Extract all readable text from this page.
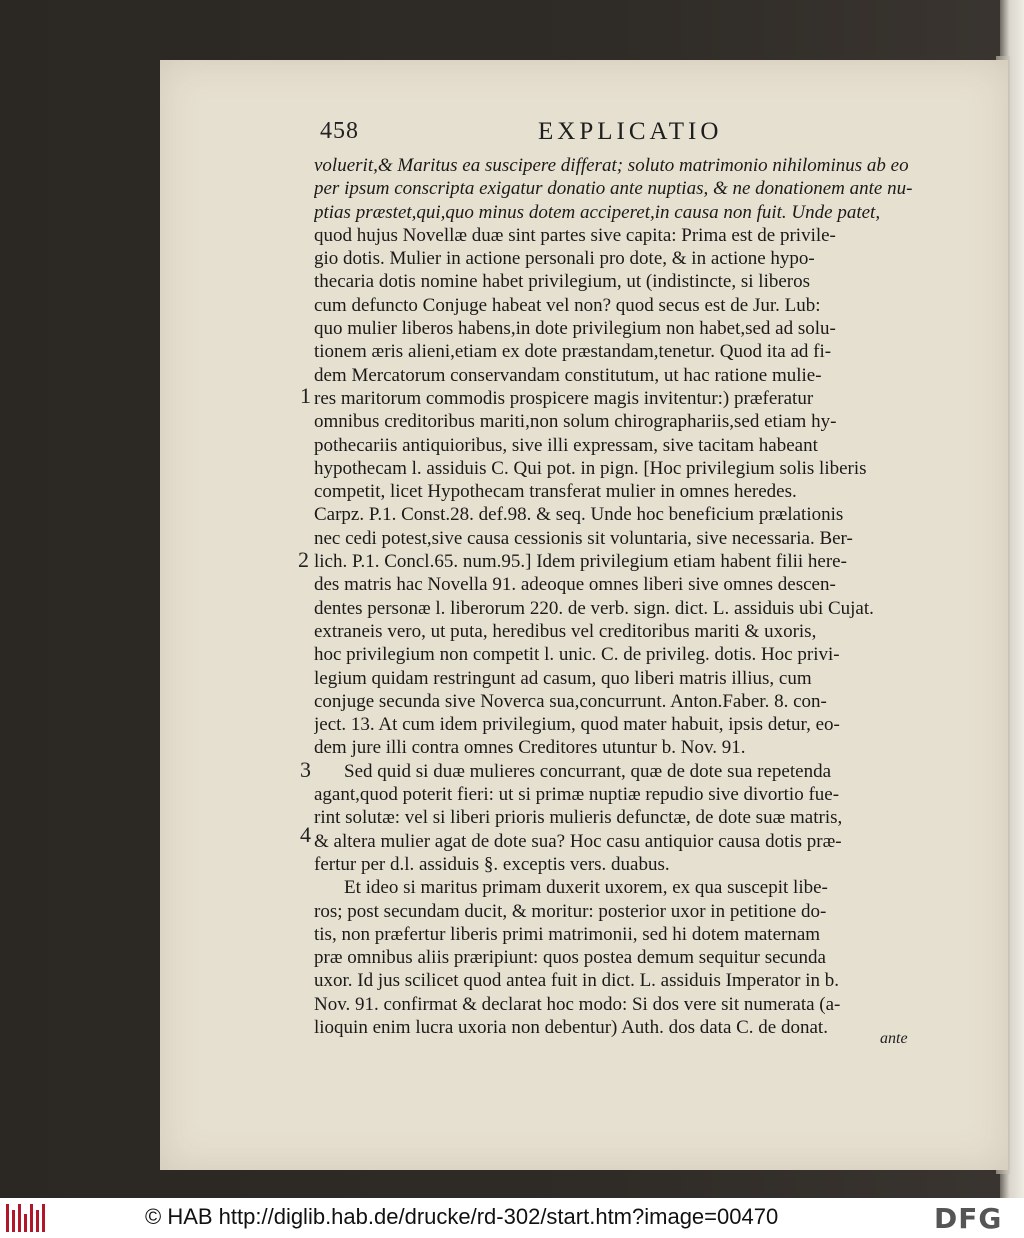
458	EXPLICATIO
voluerit,& Maritus ea suscipere differat; soluto matrimonio nihilominus ab eo
per ipsum conscripta exigatur donatio ante nuptias, & ne donationem ante nu-
ptias præstet,qui,quo minus dotem acciperet,in causa non fuit. Unde patet,
quod hujus Novellæ duæ sint partes sive capita: Prima est de privile-
gio dotis. Mulier in actione personali pro dote, & in actione hypo-
thecaria dotis nomine habet privilegium, ut (indistincte, si liberos
cum defuncto Conjuge habeat vel non? quod secus est de Jur. Lub:
quo mulier liberos habens,in dote privilegium non habet,sed ad solu-
tionem æris alieni,etiam ex dote præstandam,tenetur. Quod ita ad fi-
dem Mercatorum conservandam constitutum, ut hac ratione mulie-
res maritorum commodis prospicere magis invitentur:) præferatur
omnibus creditoribus mariti,non solum chirographariis,sed etiam hy-
pothecariis antiquioribus, sive illi expressam, sive tacitam habeant
hypothecam l. assiduis C. Qui pot. in pign. [Hoc privilegium solis liberis
competit, licet Hypothecam transferat mulier in omnes heredes.
Carpz. P.1. Const.28. def.98. & seq. Unde hoc beneficium prælationis
nec cedi potest,sive causa cessionis sit voluntaria, sive necessaria. Ber-
lich. P.1. Concl.65. num.95.] Idem privilegium etiam habent filii here-
des matris hac Novella 91. adeoque omnes liberi sive omnes descen-
dentes personæ l. liberorum 220. de verb. sign. dict. L. assiduis ubi Cujat.
extraneis vero, ut puta, heredibus vel creditoribus mariti & uxoris,
hoc privilegium non competit l. unic. C. de privileg. dotis. Hoc privi-
legium quidam restringunt ad casum, quo liberi matris illius, cum
conjuge secunda sive Noverca sua,concurrunt. Anton.Faber. 8. con-
ject. 13. At cum idem privilegium, quod mater habuit, ipsis detur, eo-
dem jure illi contra omnes Creditores utuntur b. Nov. 91.
Sed quid si duæ mulieres concurrant, quæ de dote sua repetenda
agant,quod poterit fieri: ut si primæ nuptiæ repudio sive divortio fue-
rint solutæ: vel si liberi prioris mulieris defunctæ, de dote suæ matris,
& altera mulier agat de dote sua? Hoc casu antiquior causa dotis præ-
fertur per d.l. assiduis §. exceptis vers. duabus.
Et ideo si maritus primam duxerit uxorem, ex qua suscepit libe-
ros; post secundam ducit, & moritur: posterior uxor in petitione do-
tis, non præfertur liberis primi matrimonii, sed hi dotem maternam
præ omnibus aliis præripiunt: quos postea demum sequitur secunda
uxor. Id jus scilicet quod antea fuit in dict. L. assiduis Imperator in b.
Nov. 91. confirmat & declarat hoc modo: Si dos vere sit numerata (a-
lioquin enim lucra uxoria non debentur) Auth. dos data C. de donat.
1
2
3
4
ante
© HAB http://diglib.hab.de/drucke/rd-302/start.htm?image=00470	DFG
